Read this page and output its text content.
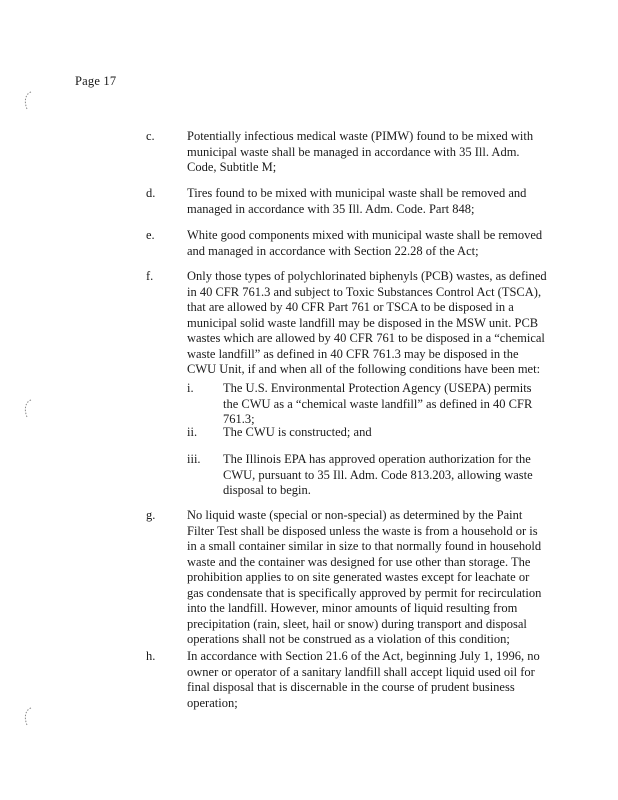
Page 17
c.	Potentially infectious medical waste (PIMW) found to be mixed with municipal waste shall be managed in accordance with 35 Ill. Adm. Code, Subtitle M;
d.	Tires found to be mixed with municipal waste shall be removed and managed in accordance with 35 Ill. Adm. Code. Part 848;
e.	White good components mixed with municipal waste shall be removed and managed in accordance with Section 22.28 of the Act;
f.	Only those types of polychlorinated biphenyls (PCB) wastes, as defined in 40 CFR 761.3 and subject to Toxic Substances Control Act (TSCA), that are allowed by 40 CFR Part 761 or TSCA to be disposed in a municipal solid waste landfill may be disposed in the MSW unit. PCB wastes which are allowed by 40 CFR 761 to be disposed in a “chemical waste landfill” as defined in 40 CFR 761.3 may be disposed in the CWU Unit, if and when all of the following conditions have been met:
i. The U.S. Environmental Protection Agency (USEPA) permits the CWU as a “chemical waste landfill” as defined in 40 CFR 761.3;
ii. The CWU is constructed; and
iii. The Illinois EPA has approved operation authorization for the CWU, pursuant to 35 Ill. Adm. Code 813.203, allowing waste disposal to begin.
g.	No liquid waste (special or non-special) as determined by the Paint Filter Test shall be disposed unless the waste is from a household or is in a small container similar in size to that normally found in household waste and the container was designed for use other than storage. The prohibition applies to on site generated wastes except for leachate or gas condensate that is specifically approved by permit for recirculation into the landfill. However, minor amounts of liquid resulting from precipitation (rain, sleet, hail or snow) during transport and disposal operations shall not be construed as a violation of this condition;
h.	In accordance with Section 21.6 of the Act, beginning July 1, 1996, no owner or operator of a sanitary landfill shall accept liquid used oil for final disposal that is discernable in the course of prudent business operation;
